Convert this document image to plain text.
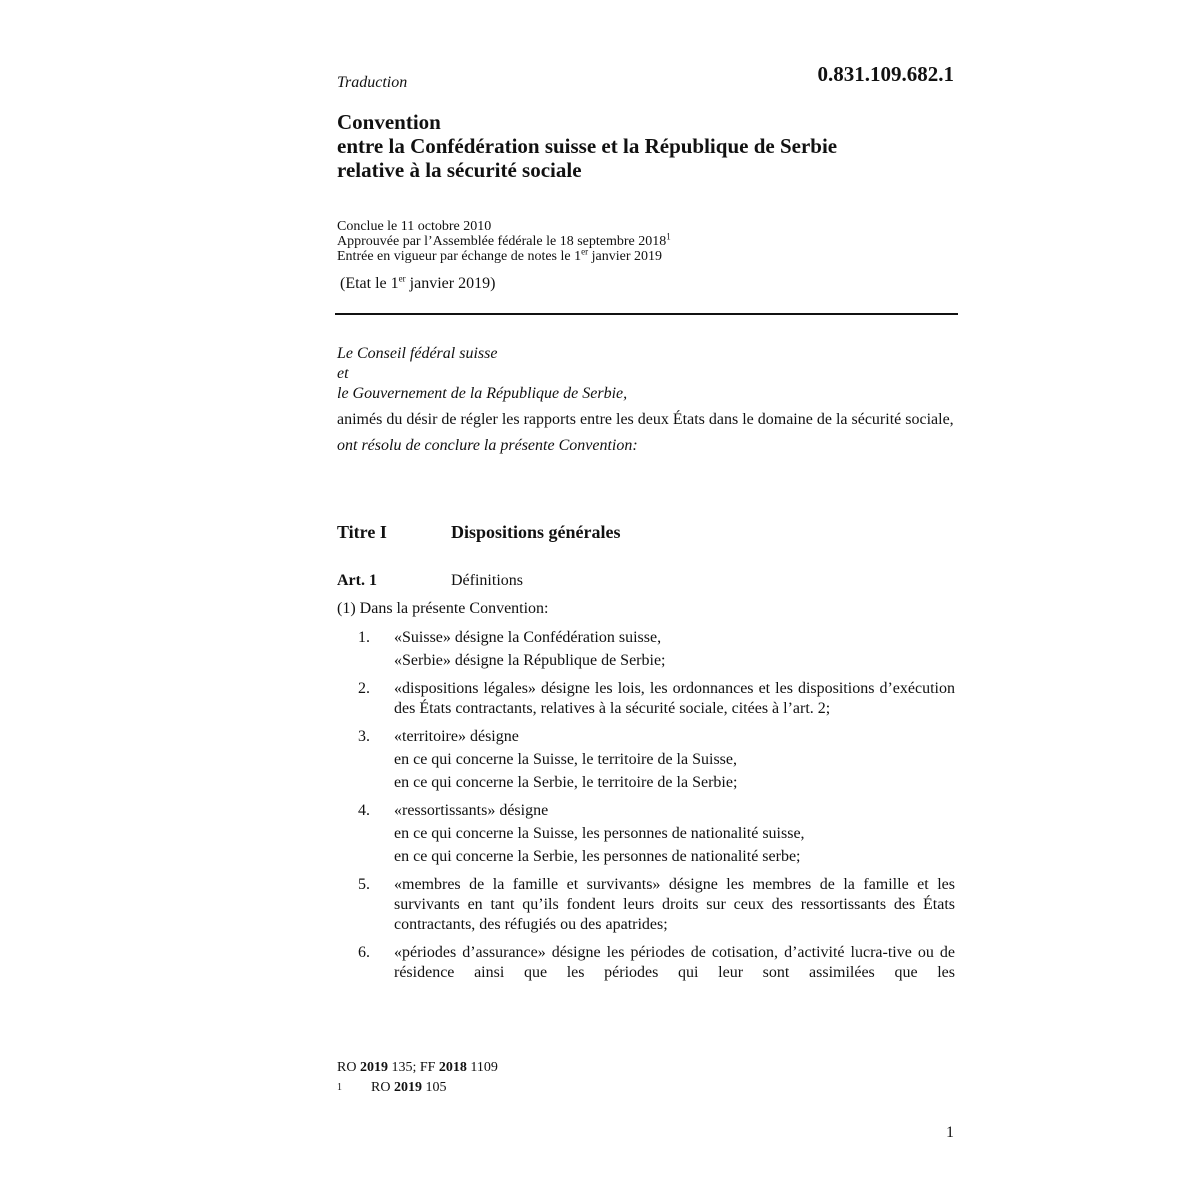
Traduction	0.831.109.682.1
Convention
entre la Confédération suisse et la République de Serbie
relative à la sécurité sociale
Conclue le 11 octobre 2010
Approuvée par l’Assemblée fédérale le 18 septembre 2018$^1$
Entrée en vigueur par échange de notes le 1er janvier 2019
(Etat le 1er janvier 2019)
Le Conseil fédéral suisse
et
le Gouvernement de la République de Serbie,
animés du désir de régler les rapports entre les deux États dans le domaine de la sécurité sociale,
ont résolu de conclure la présente Convention:
Titre I	Dispositions générales
Art. 1	Définitions
(1) Dans la présente Convention:
1. «Suisse» désigne la Confédération suisse,
«Serbie» désigne la République de Serbie;
2. «dispositions légales» désigne les lois, les ordonnances et les dispositions d’exécution des États contractants, relatives à la sécurité sociale, citées à l’art. 2;
3. «territoire» désigne
en ce qui concerne la Suisse, le territoire de la Suisse,
en ce qui concerne la Serbie, le territoire de la Serbie;
4. «ressortissants» désigne
en ce qui concerne la Suisse, les personnes de nationalité suisse,
en ce qui concerne la Serbie, les personnes de nationalité serbe;
5. «membres de la famille et survivants» désigne les membres de la famille et les survivants en tant qu’ils fondent leurs droits sur ceux des ressortissants des États contractants, des réfugiés ou des apatrides;
6. «périodes d’assurance» désigne les périodes de cotisation, d’activité lucra-tive ou de résidence ainsi que les périodes qui leur sont assimilées que les
RO 2019 135; FF 2018 1109
1 RO 2019 105
1
